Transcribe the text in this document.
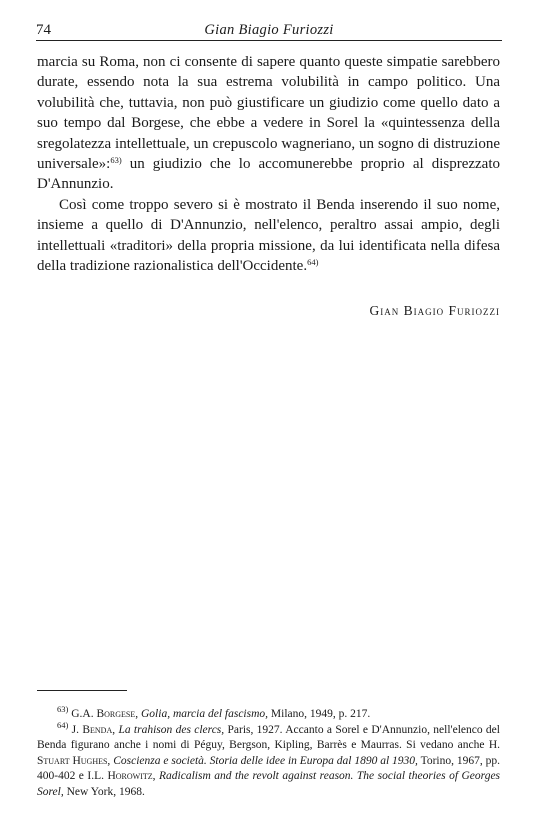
74	Gian Biagio Furiozzi

marcia su Roma, non ci consente di sapere quanto queste simpatie sarebbero durate, essendo nota la sua estrema volubilità in campo politico. Una volubilità che, tuttavia, non può giustificare un giudizio come quello dato a suo tempo dal Borgese, che ebbe a vedere in Sorel la «quintessenza della sregolatezza intellettuale, un crepuscolo wagneriano, un sogno di distruzione universale»:$^{63)}$ un giudizio che lo accomunerebbe proprio al disprezzato D'Annunzio.

Così come troppo severo si è mostrato il Benda inserendo il suo nome, insieme a quello di D'Annunzio, nell'elenco, peraltro assai ampio, degli intellettuali «traditori» della propria missione, da lui identificata nella difesa della tradizione razionalistica dell'Occidente.$^{64)}$

Gian Biagio Furiozzi

$^{63)}$ G.A. Borgese, Golia, marcia del fascismo, Milano, 1949, p. 217.

$^{64)}$ J. Benda, La trahison des clercs, Paris, 1927. Accanto a Sorel e D'Annunzio, nell'elenco del Benda figurano anche i nomi di Péguy, Bergson, Kipling, Barrès e Maurras. Si vedano anche H. Stuart Hughes, Coscienza e società. Storia delle idee in Europa dal 1890 al 1930, Torino, 1967, pp. 400-402 e I.L. Horowitz, Radicalism and the revolt against reason. The social theories of Georges Sorel, New York, 1968.
